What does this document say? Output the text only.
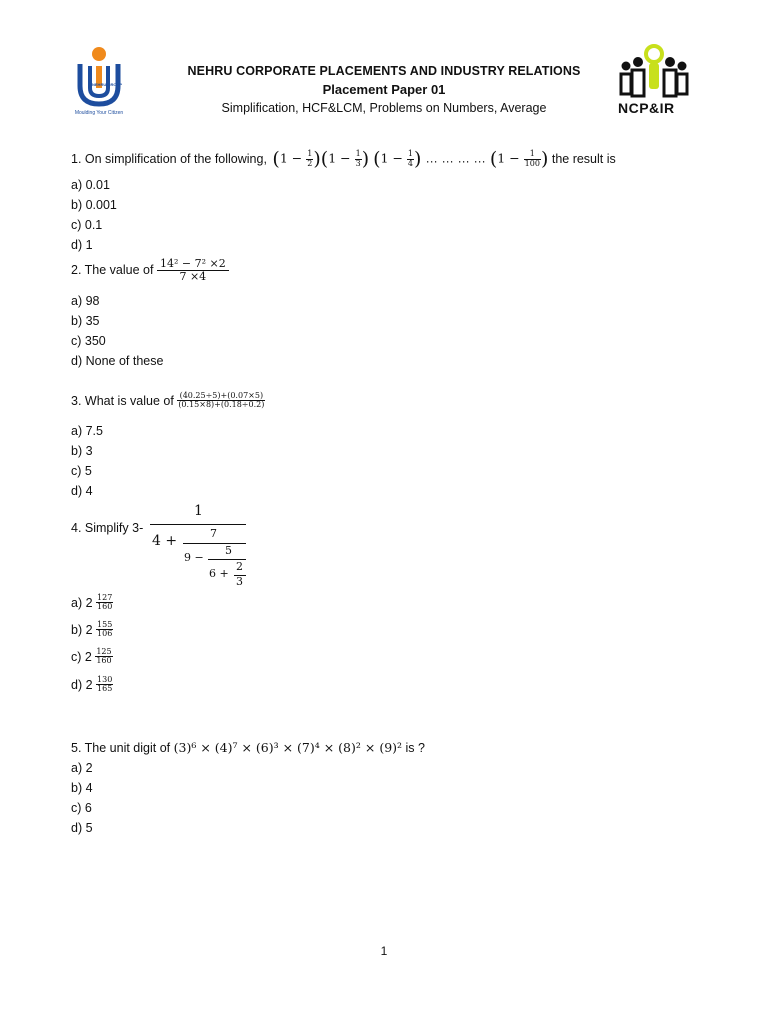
NEHRU GROUP
Moulding Your Citizen
NEHRU CORPORATE PLACEMENTS AND INDUSTRY RELATIONS
Placement Paper 01
Simplification, HCF&LCM, Problems on Numbers, Average	NCP&IR
1. On simplification of the following, $(1 - \frac{1}{2} )(1 - \frac{1}{3}$ ) ($1 - \frac{1}{4}$ ) … … … … ($1 - \frac{1}{100}$ ) the result is
a) 0.01
b) 0.001
c) 0.1
d) 1
2. The value of $\frac{\text{14² − 7² ×2}}{7 \times 4}$
a) 98
b) 35
c) 350
d) None of these
3. What is value of $\frac{(40.25\div 5)+(0.07\times 5)}{(0.15\times 8)+(0.18\div 0.2)}$
a) 7.5
b) 3
c) 5
d) 4
4. Simplify 3-
1
4 +	7
9 −
5
6 +
2
3
a) $2 \frac{127}{160}$
b) $2 \frac{155}{106}$
c) $2 \frac{125}{160}$
d) $2 \frac{130}{165}$
5. The unit digit of (3)⁶ × (4)⁷ × (6)³ × (7)⁴ × (8)² × (9)² is ?
a) 2
b) 4
c) 6
d) 5
1
